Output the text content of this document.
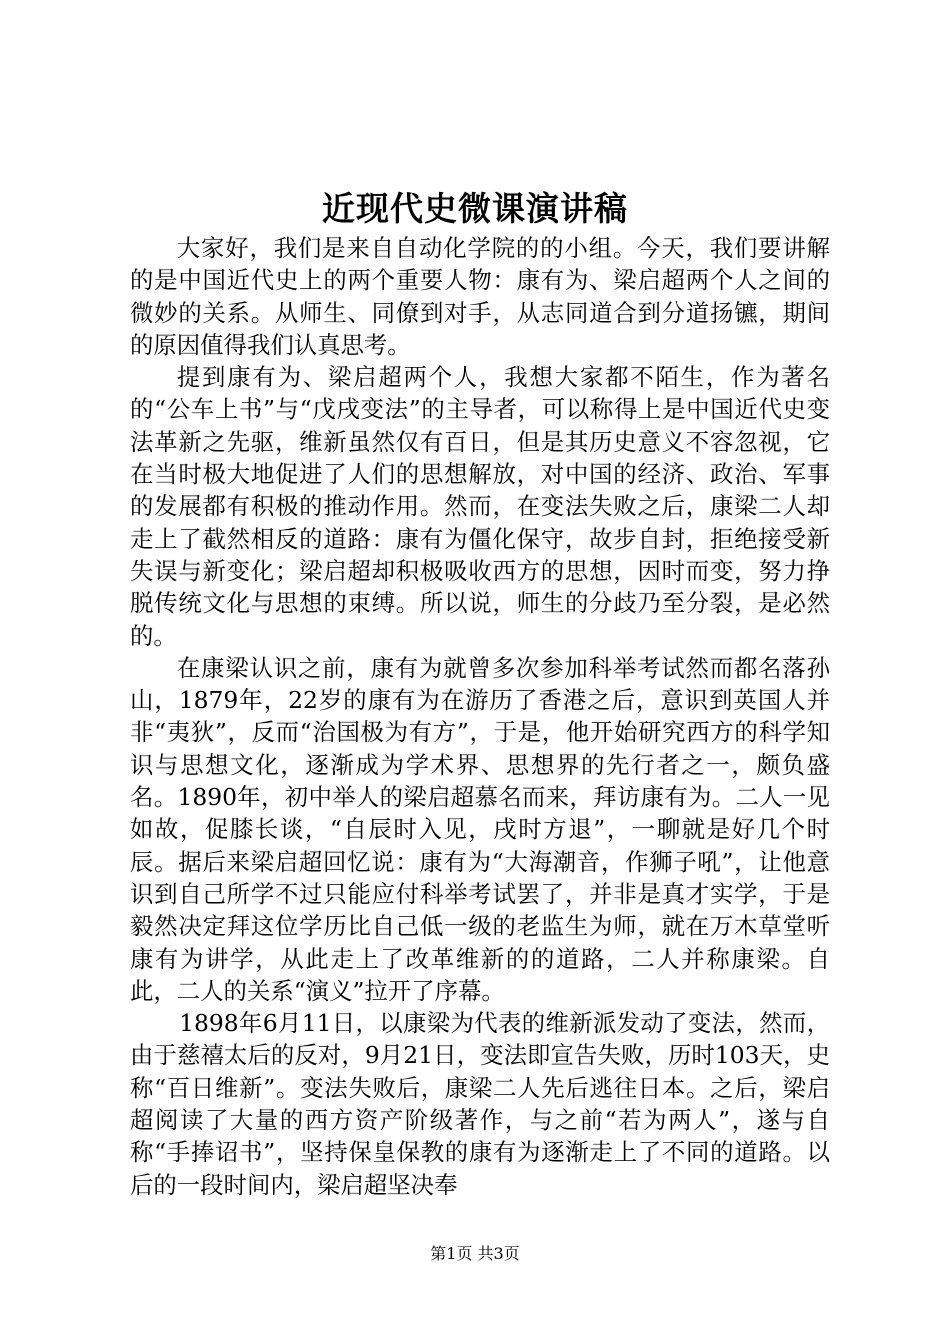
近现代史微课演讲稿

大家好，我们是来自自动化学院的的小组。今天，我们要讲解的是中国近代史上的两个重要人物：康有为、梁启超两个人之间的微妙的关系。从师生、同僚到对手，从志同道合到分道扬镳，期间的原因值得我们认真思考。

提到康有为、梁启超两个人，我想大家都不陌生，作为著名的“公车上书”与“戊戌变法”的主导者，可以称得上是中国近代史变法革新之先驱，维新虽然仅有百日，但是其历史意义不容忽视，它在当时极大地促进了人们的思想解放，对中国的经济、政治、军事的发展都有积极的推动作用。然而，在变法失败之后，康梁二人却走上了截然相反的道路：康有为僵化保守，故步自封，拒绝接受新失误与新变化；梁启超却积极吸收西方的思想，因时而变，努力挣脱传统文化与思想的束缚。所以说，师生的分歧乃至分裂，是必然的。

在康梁认识之前，康有为就曾多次参加科举考试然而都名落孙山，1879年，22岁的康有为在游历了香港之后，意识到英国人并非“夷狄”，反而“治国极为有方”，于是，他开始研究西方的科学知识与思想文化，逐渐成为学术界、思想界的先行者之一，颇负盛名。1890年，初中举人的梁启超慕名而来，拜访康有为。二人一见如故，促膝长谈，“自辰时入见，戌时方退”，一聊就是好几个时辰。据后来梁启超回忆说：康有为“大海潮音，作狮子吼”，让他意识到自己所学不过只能应付科举考试罢了，并非是真才实学，于是毅然决定拜这位学历比自己低一级的老监生为师，就在万木草堂听康有为讲学，从此走上了改革维新的的道路，二人并称康梁。自此，二人的关系“演义”拉开了序幕。

1898年6月11日，以康梁为代表的维新派发动了变法，然而，由于慈禧太后的反对，9月21日，变法即宣告失败，历时103天，史称“百日维新”。变法失败后，康梁二人先后逃往日本。之后，梁启超阅读了大量的西方资产阶级著作，与之前“若为两人”，遂与自称“手捧诏书”，坚持保皇保教的康有为逐渐走上了不同的道路。以后的一段时间内，梁启超坚决奉

第1页 共3页
